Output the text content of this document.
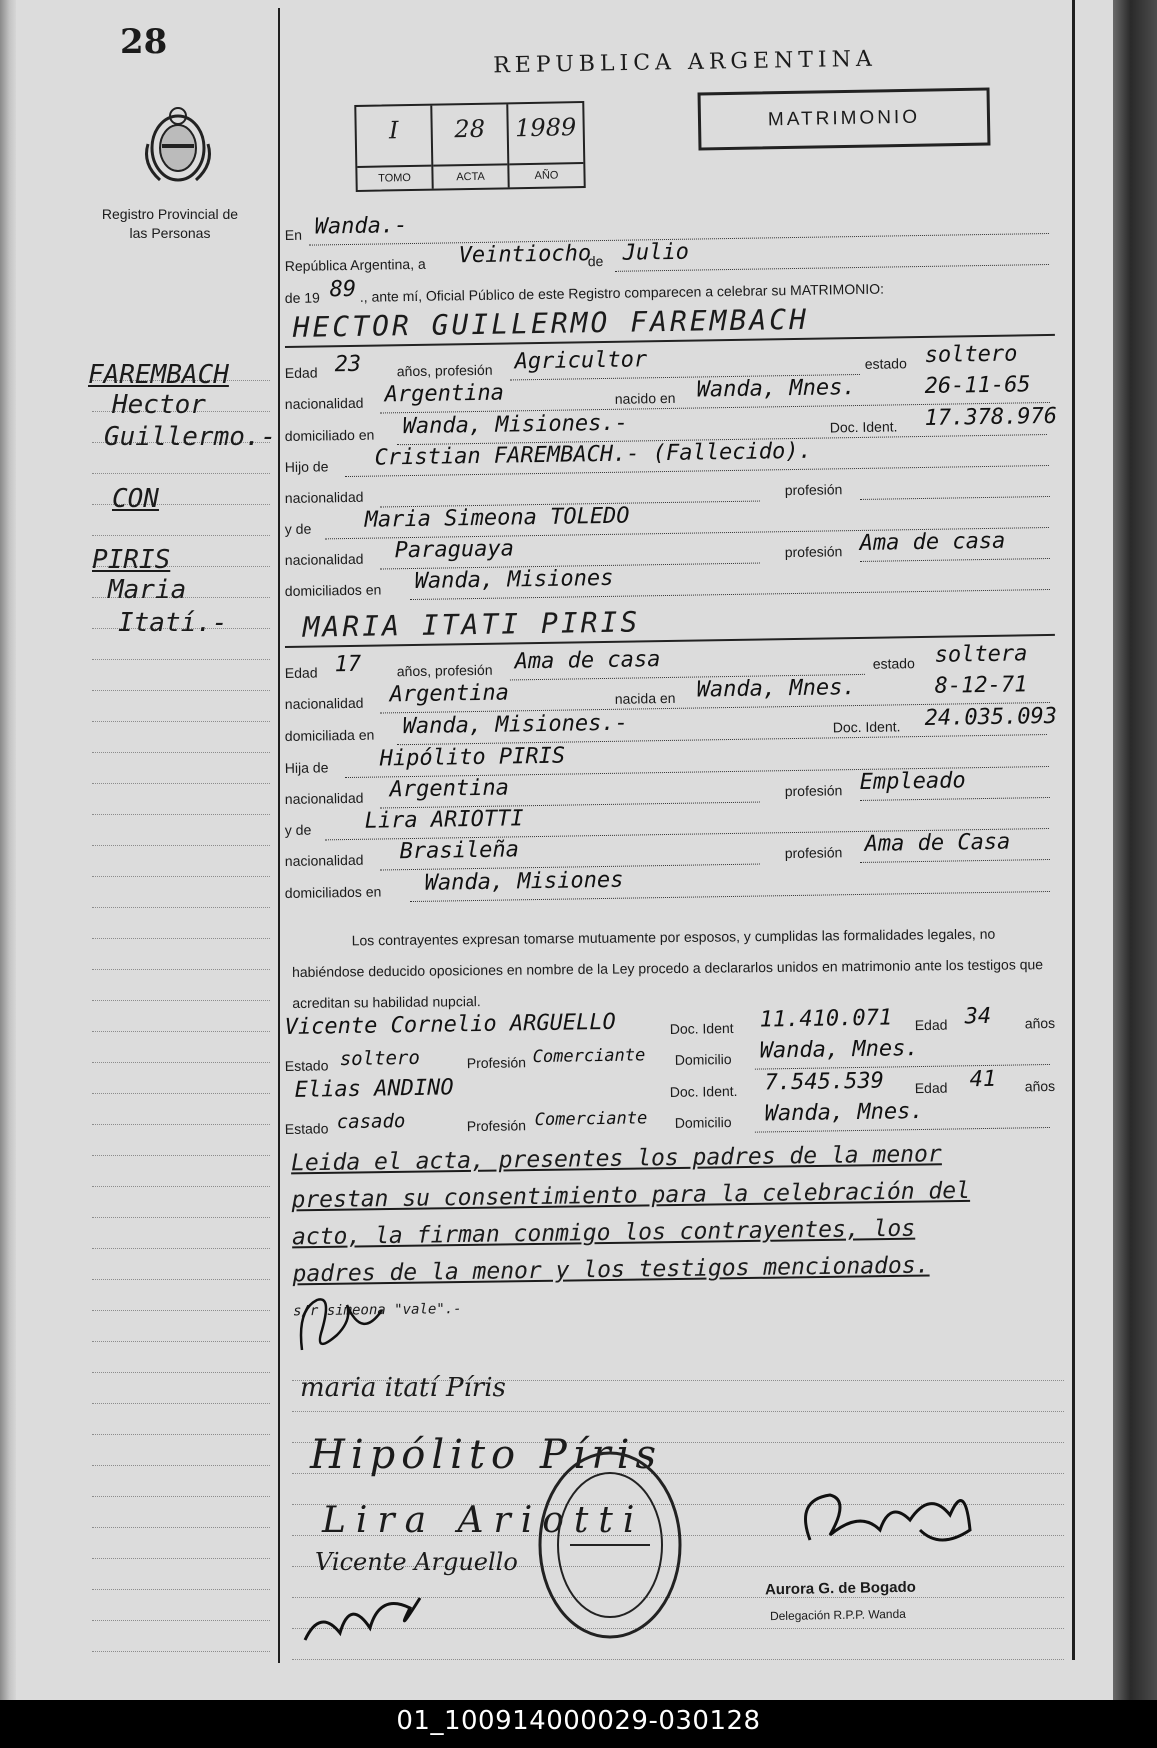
28
Registro Provincial de las Personas
REPUBLICA ARGENTINA
I
TOMO
28
ACTA
1989
AÑO
MATRIMONIO
FAREMBACH
Hector
Guillermo.-
CON
PIRIS
Maria
Itatí.-
En Wanda.-
República Argentina, a Veintiocho
de Julio
de 19 89 ., ante mí, Oficial Público de este Registro comparecen a celebrar su MATRIMONIO:
HECTOR GUILLERMO FAREMBACH
Edad 23	años, profesión Agricultor	estado soltero
nacionalidad Argentina	nacido en Wanda, Mnes.	26-11-65
domiciliado en Wanda, Misiones.-	Doc. Ident. 17.378.976
Hijo de Cristian FAREMBACH.- (Fallecido).
nacionalidad	profesión
y de Maria Simeona TOLEDO
nacionalidad Paraguaya	profesión Ama de casa
domiciliados en Wanda, Misiones
MARIA ITATI PIRIS
Edad 17	años, profesión Ama de casa	estado soltera
nacionalidad Argentina	nacida en Wanda, Mnes.	8-12-71
domiciliada en Wanda, Misiones.-	Doc. Ident. 24.035.093
Hija de Hipólito PIRIS
nacionalidad Argentina	profesión Empleado
y de Lira ARIOTTI
nacionalidad Brasileña	profesión Ama de Casa
domiciliados en Wanda, Misiones
Los contrayentes expresan tomarse mutuamente por esposos, y cumplidas las formalidades legales, no habiéndose deducido oposiciones en nombre de la Ley procedo a declararlos unidos en matrimonio ante los testigos que acreditan su habilidad nupcial.
Vicente Cornelio ARGUELLO	Doc. Ident 11.410.071 Edad 34 años
Estado soltero	Profesión Comerciante Domicilio Wanda, Mnes.
Elias ANDINO	Doc. Ident. 7.545.539 Edad 41 años
Estado casado	Profesión Comerciante Domicilio Wanda, Mnes.
Leida el acta, presentes los padres de la menor
prestan su consentimiento para la celebración del
acto, la firman conmigo los contrayentes, los
padres de la menor y los testigos mencionados.
s/r simeona "vale".-
maria itatí Píris
Hipólito Píris
Lira Ariotti
Vicente Arguello
Aurora G. de Bogado
Delegación R.P.P. Wanda
01_100914000029-030128
